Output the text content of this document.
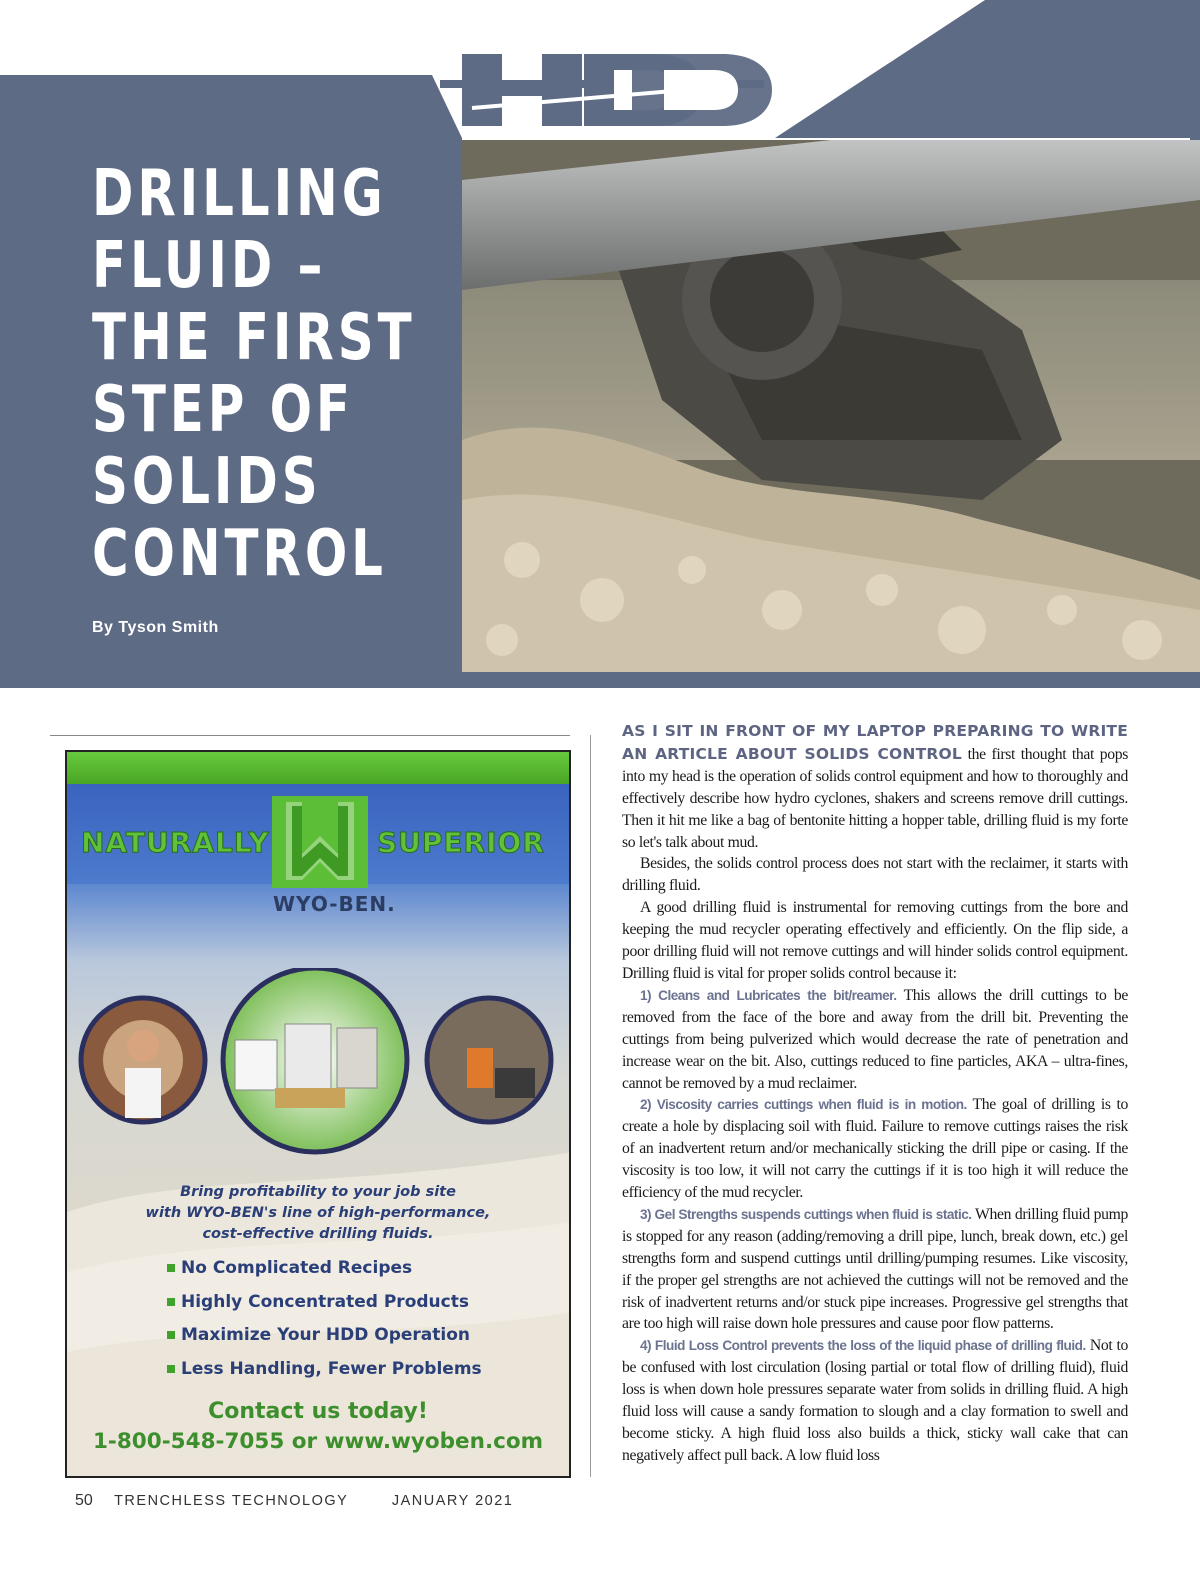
DRILLING
FLUID –
THE FIRST
STEP OF
SOLIDS
CONTROL
By Tyson Smith
NATURALLY	SUPERIOR
WYO-BEN.
Bring profitability to your job site
with WYO-BEN's line of high-performance,
cost-effective drilling fluids.
No Complicated Recipes
Highly Concentrated Products
Maximize Your HDD Operation
Less Handling, Fewer Problems
Contact us today!
1-800-548-7055 or www.wyoben.com
50 TRENCHLESS TECHNOLOGY	JANUARY 2021

AS I SIT IN FRONT OF MY LAPTOP PREPARING TO WRITE AN ARTICLE ABOUT SOLIDS CONTROL the first thought that pops into my head is the operation of solids control equipment and how to thoroughly and effectively describe how hydro cyclones, shakers and screens remove drill cuttings. Then it hit me like a bag of bentonite hitting a hopper table, drilling fluid is my forte so let's talk about mud.

Besides, the solids control process does not start with the reclaimer, it starts with drilling fluid.

A good drilling fluid is instrumental for removing cuttings from the bore and keeping the mud recycler operating effectively and efficiently. On the flip side, a poor drilling fluid will not remove cuttings and will hinder solids control equipment. Drilling fluid is vital for proper solids control because it:

1) Cleans and Lubricates the bit/reamer. This allows the drill cuttings to be removed from the face of the bore and away from the drill bit. Preventing the cuttings from being pulverized which would decrease the rate of penetration and increase wear on the bit. Also, cuttings reduced to fine particles, AKA – ultra-fines, cannot be removed by a mud reclaimer.

2) Viscosity carries cuttings when fluid is in motion. The goal of drilling is to create a hole by displacing soil with fluid. Failure to remove cuttings raises the risk of an inadvertent return and/or mechanically sticking the drill pipe or casing. If the viscosity is too low, it will not carry the cuttings if it is too high it will reduce the efficiency of the mud recycler.

3) Gel Strengths suspends cuttings when fluid is static. When drilling fluid pump is stopped for any reason (adding/removing a drill pipe, lunch, break down, etc.) gel strengths form and suspend cuttings until drilling/pumping resumes. Like viscosity, if the proper gel strengths are not achieved the cuttings will not be removed and the risk of inadvertent returns and/or stuck pipe increases. Progressive gel strengths that are too high will raise down hole pressures and cause poor flow patterns.

4) Fluid Loss Control prevents the loss of the liquid phase of drilling fluid. Not to be confused with lost circulation (losing partial or total flow of drilling fluid), fluid loss is when down hole pressures separate water from solids in drilling fluid. A high fluid loss will cause a sandy formation to slough and a clay formation to swell and become sticky. A high fluid loss also builds a thick, sticky wall cake that can negatively affect pull back. A low fluid loss
